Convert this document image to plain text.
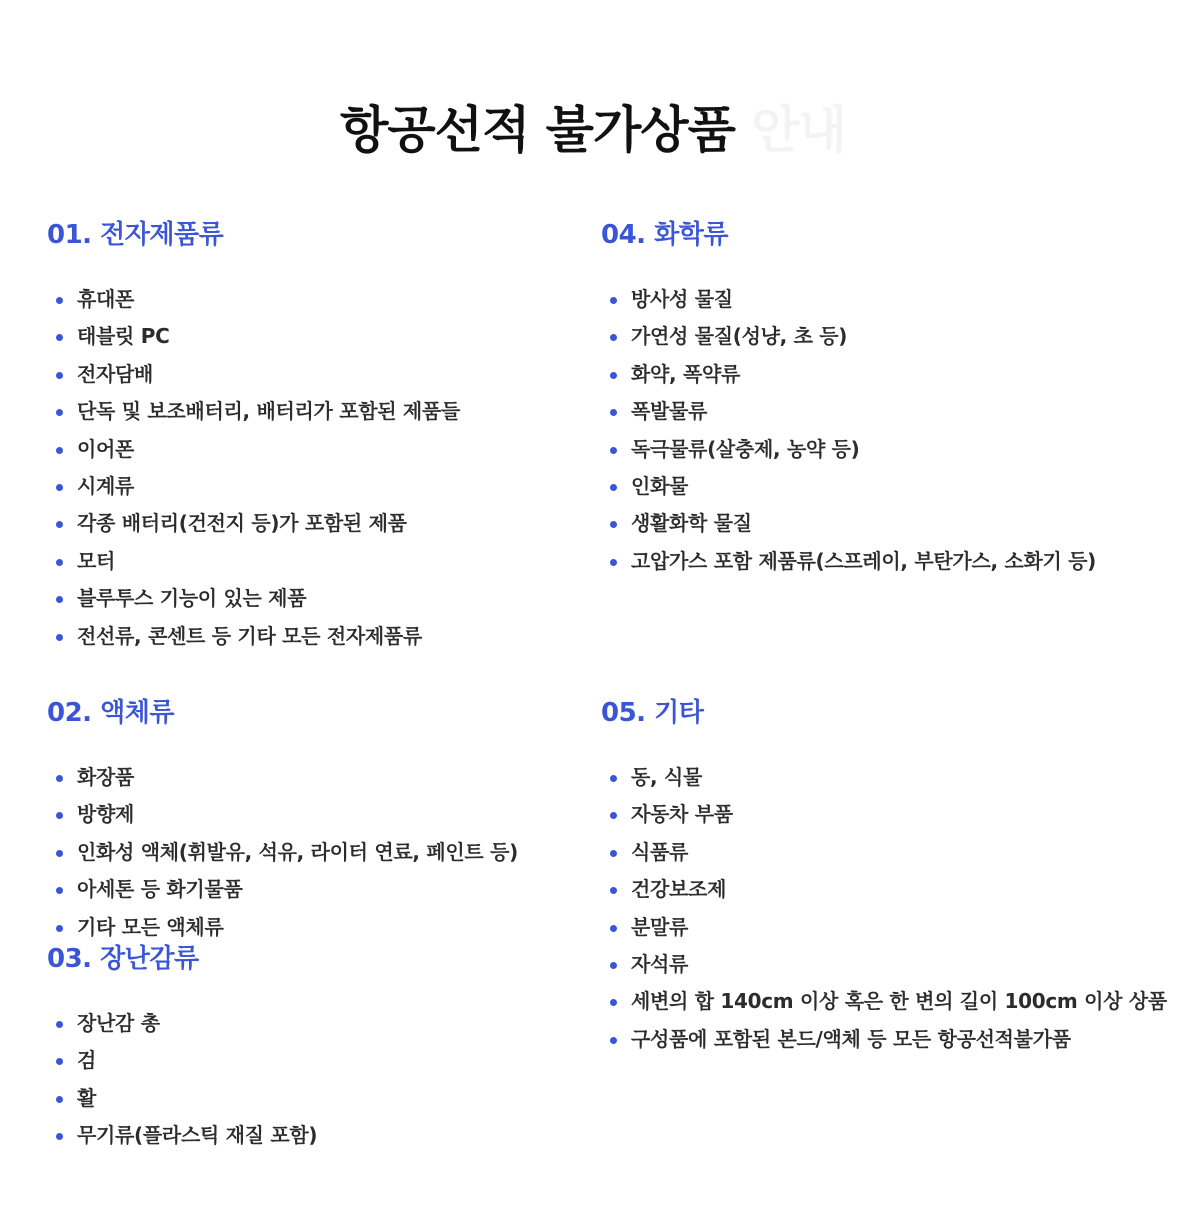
항공선적 불가상품 안내
01. 전자제품류
휴대폰
태블릿 PC
전자담배
단독 및 보조배터리, 배터리가 포함된 제품들
이어폰
시계류
각종 배터리(건전지 등)가 포함된 제품
모터
블루투스 기능이 있는 제품
전선류, 콘센트 등 기타 모든 전자제품류
02. 액체류
화장품
방향제
인화성 액체(휘발유, 석유, 라이터 연료, 페인트 등)
아세톤 등 화기물품
기타 모든 액체류
03. 장난감류
장난감 총
검
활
무기류(플라스틱 재질 포함)
04. 화학류
방사성 물질
가연성 물질(성냥, 초 등)
화약, 폭약류
폭발물류
독극물류(살충제, 농약 등)
인화물
생활화학 물질
고압가스 포함 제품류(스프레이, 부탄가스, 소화기 등)
05. 기타
동, 식물
자동차 부품
식품류
건강보조제
분말류
자석류
세변의 합 140cm 이상 혹은 한 변의 길이 100cm 이상 상품
구성품에 포함된 본드/액체 등 모든 항공선적불가품
